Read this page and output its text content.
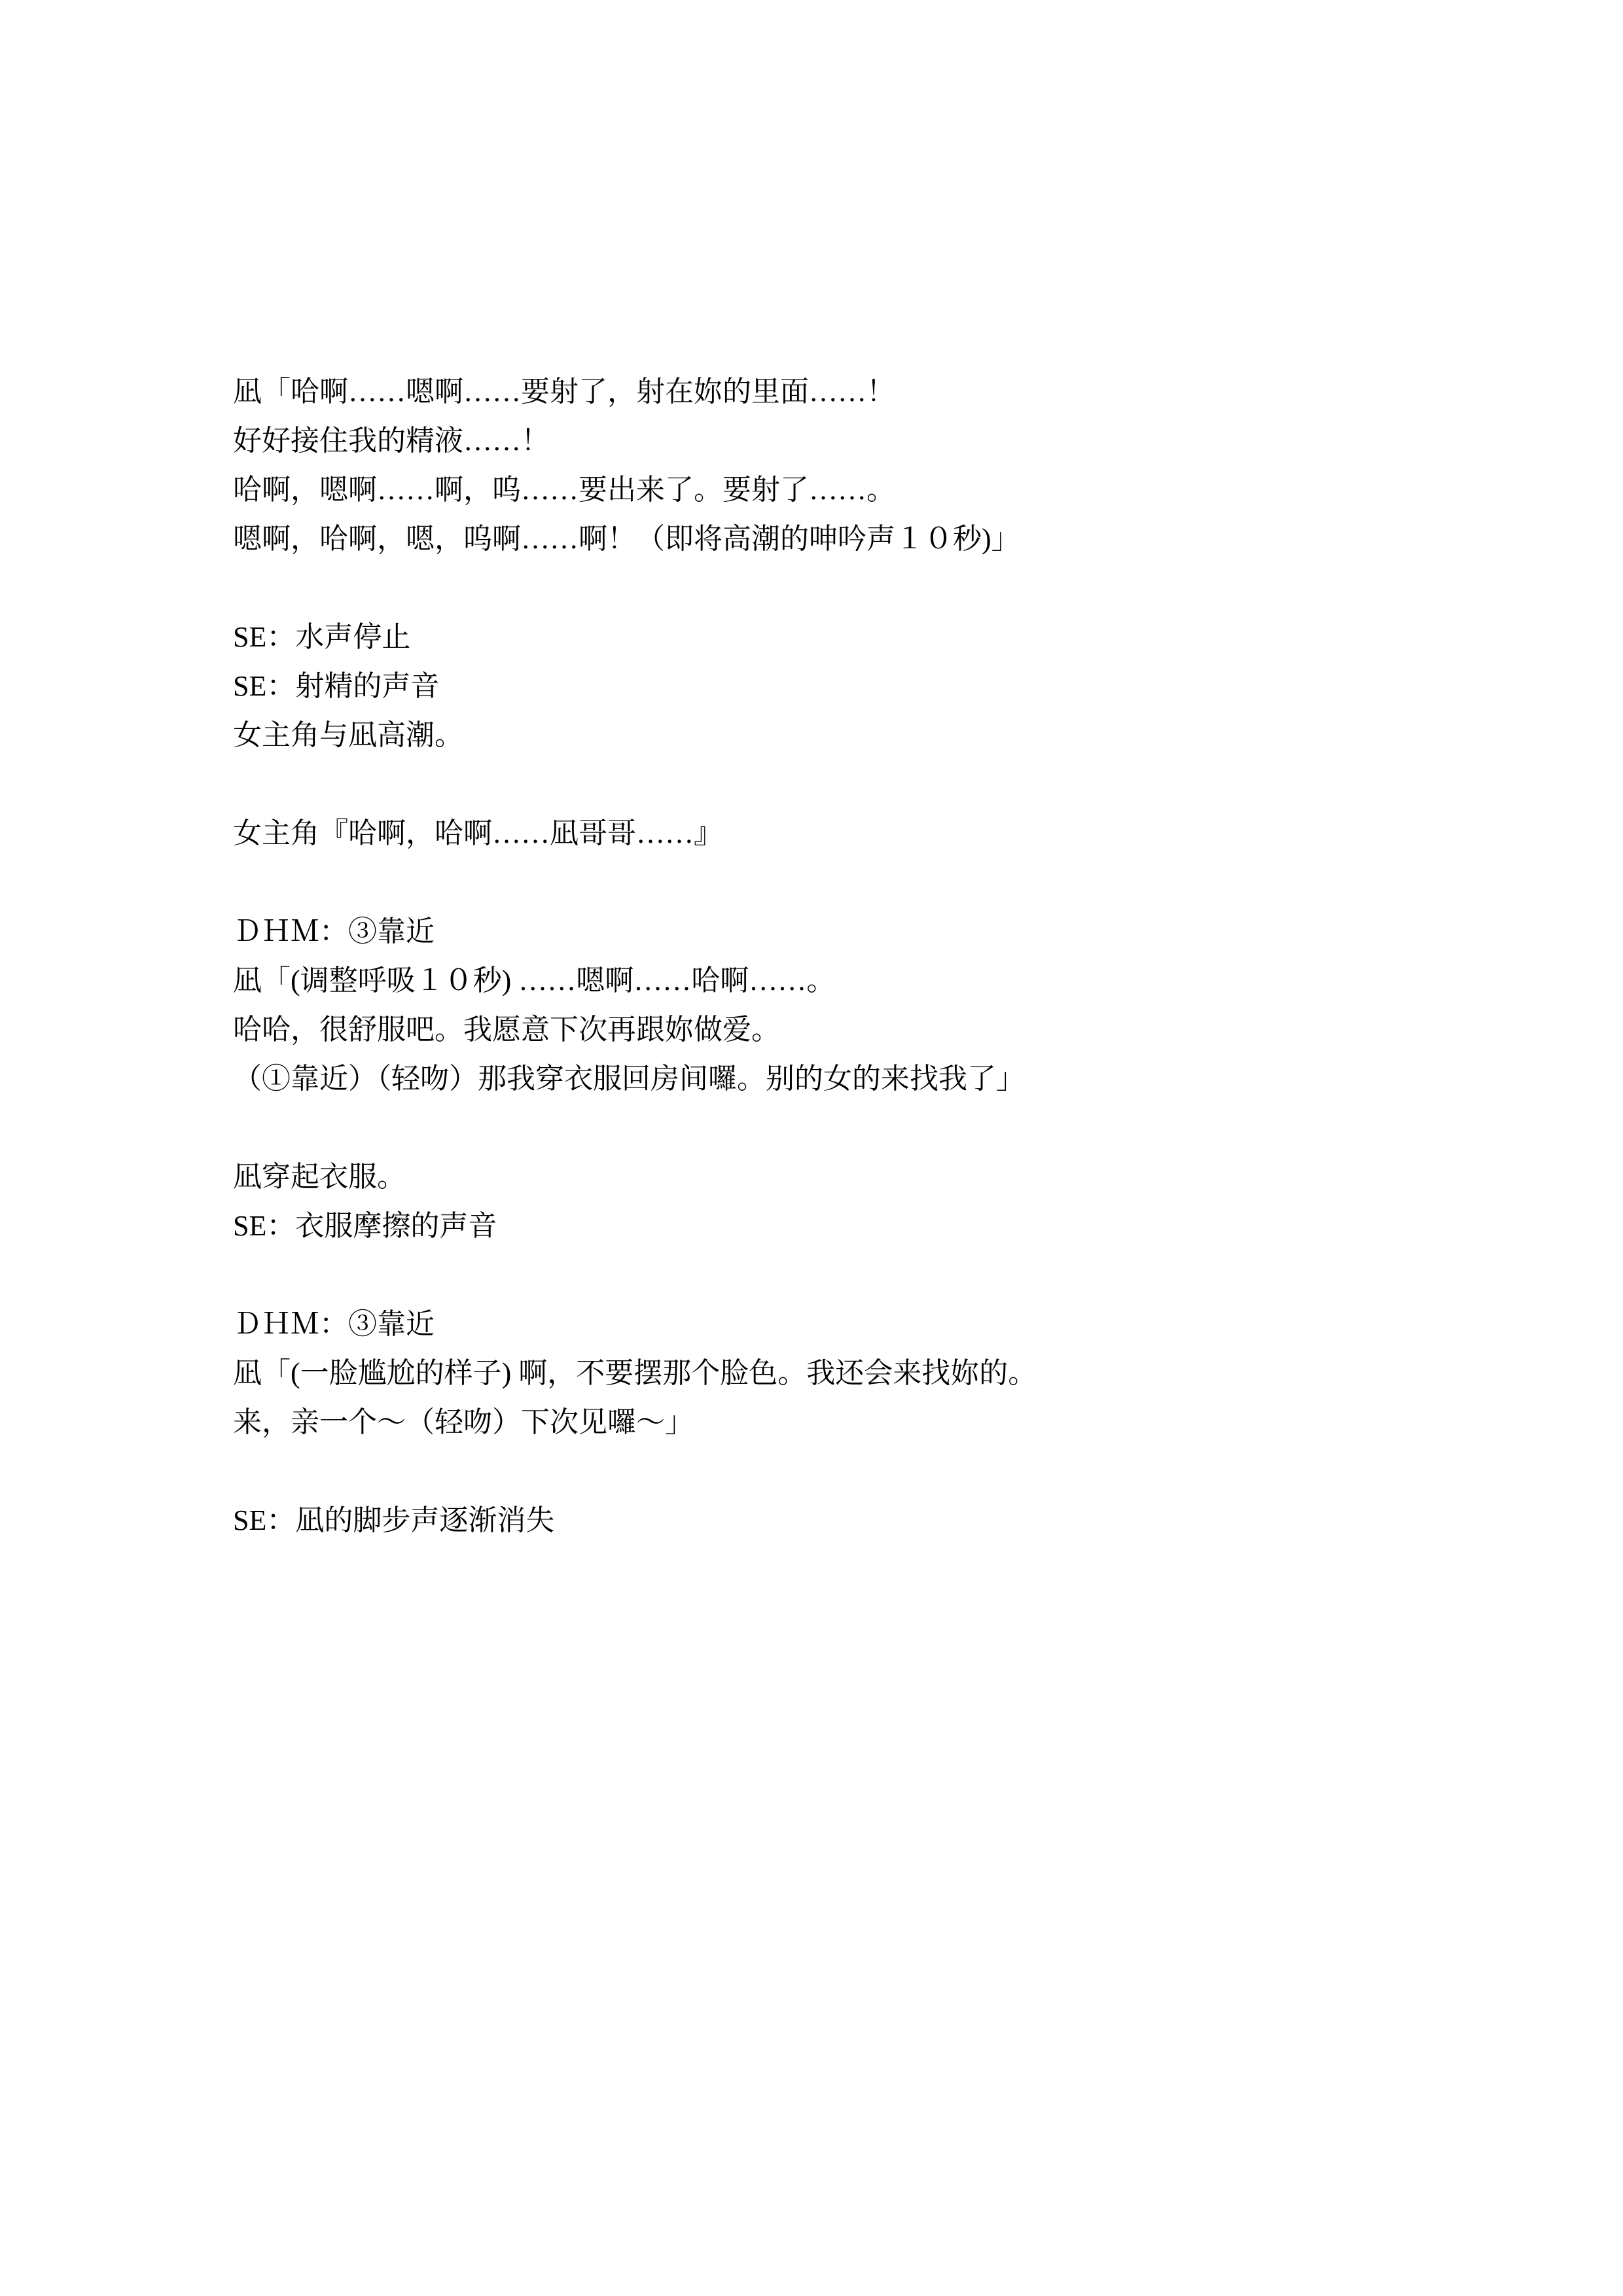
凪「哈啊……嗯啊……要射了，射在妳的里面……！
好好接住我的精液……！
哈啊，嗯啊……啊，呜……要出来了。要射了……。
嗯啊，哈啊，嗯，呜啊……啊！（即将高潮的呻吟声１０秒)」
SE：水声停止
SE：射精的声音
女主角与凪高潮。
女主角『哈啊，哈啊……凪哥哥……』
ＤＨＭ：③靠近
凪「(调整呼吸１０秒) ……嗯啊……哈啊……。
哈哈，很舒服吧。我愿意下次再跟妳做爱。
（①靠近）（轻吻）那我穿衣服回房间囉。别的女的来找我了」
凪穿起衣服。
SE：衣服摩擦的声音
ＤＨＭ：③靠近
凪「(一脸尴尬的样子) 啊，不要摆那个脸色。我还会来找妳的。
来，亲一个～（轻吻）下次见囉～」
SE：凪的脚步声逐渐消失
